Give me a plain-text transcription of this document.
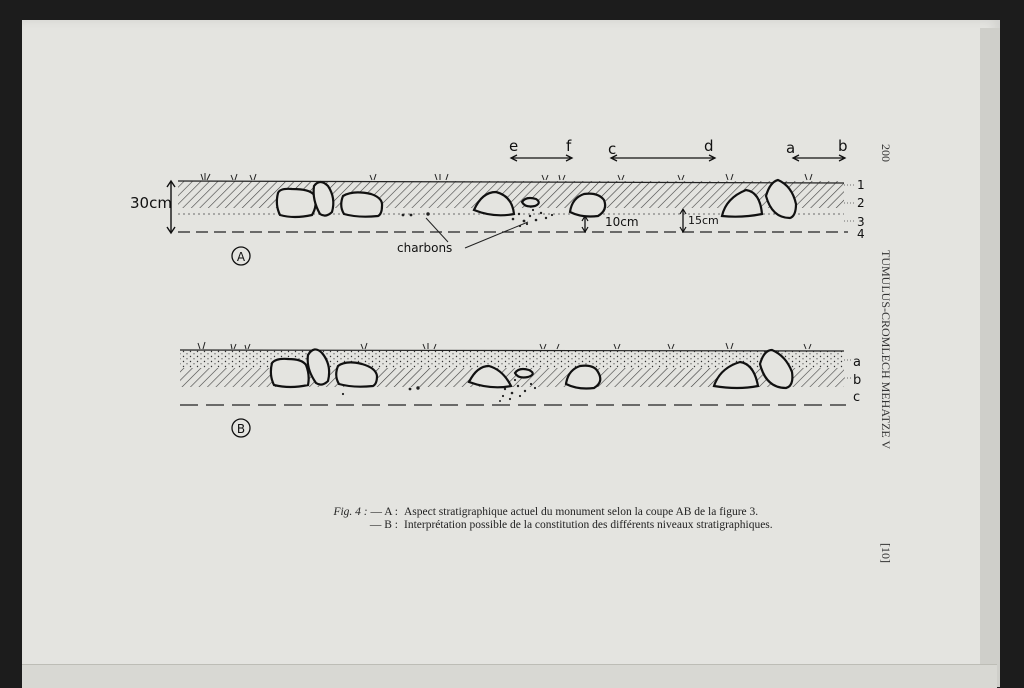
30cm
A
charbons
10cm	15cm
e	f c	d	a	b
1
2
3
4
B
a
b
c
Fig. 4 : — A : Aspect stratigraphique actuel du monument selon la coupe AB de la figure 3.
— B : Interprétation possible de la constitution des différents niveaux stratigraphiques.
200
TUMULUS-CROMLECH MEHATZE V
[10]
